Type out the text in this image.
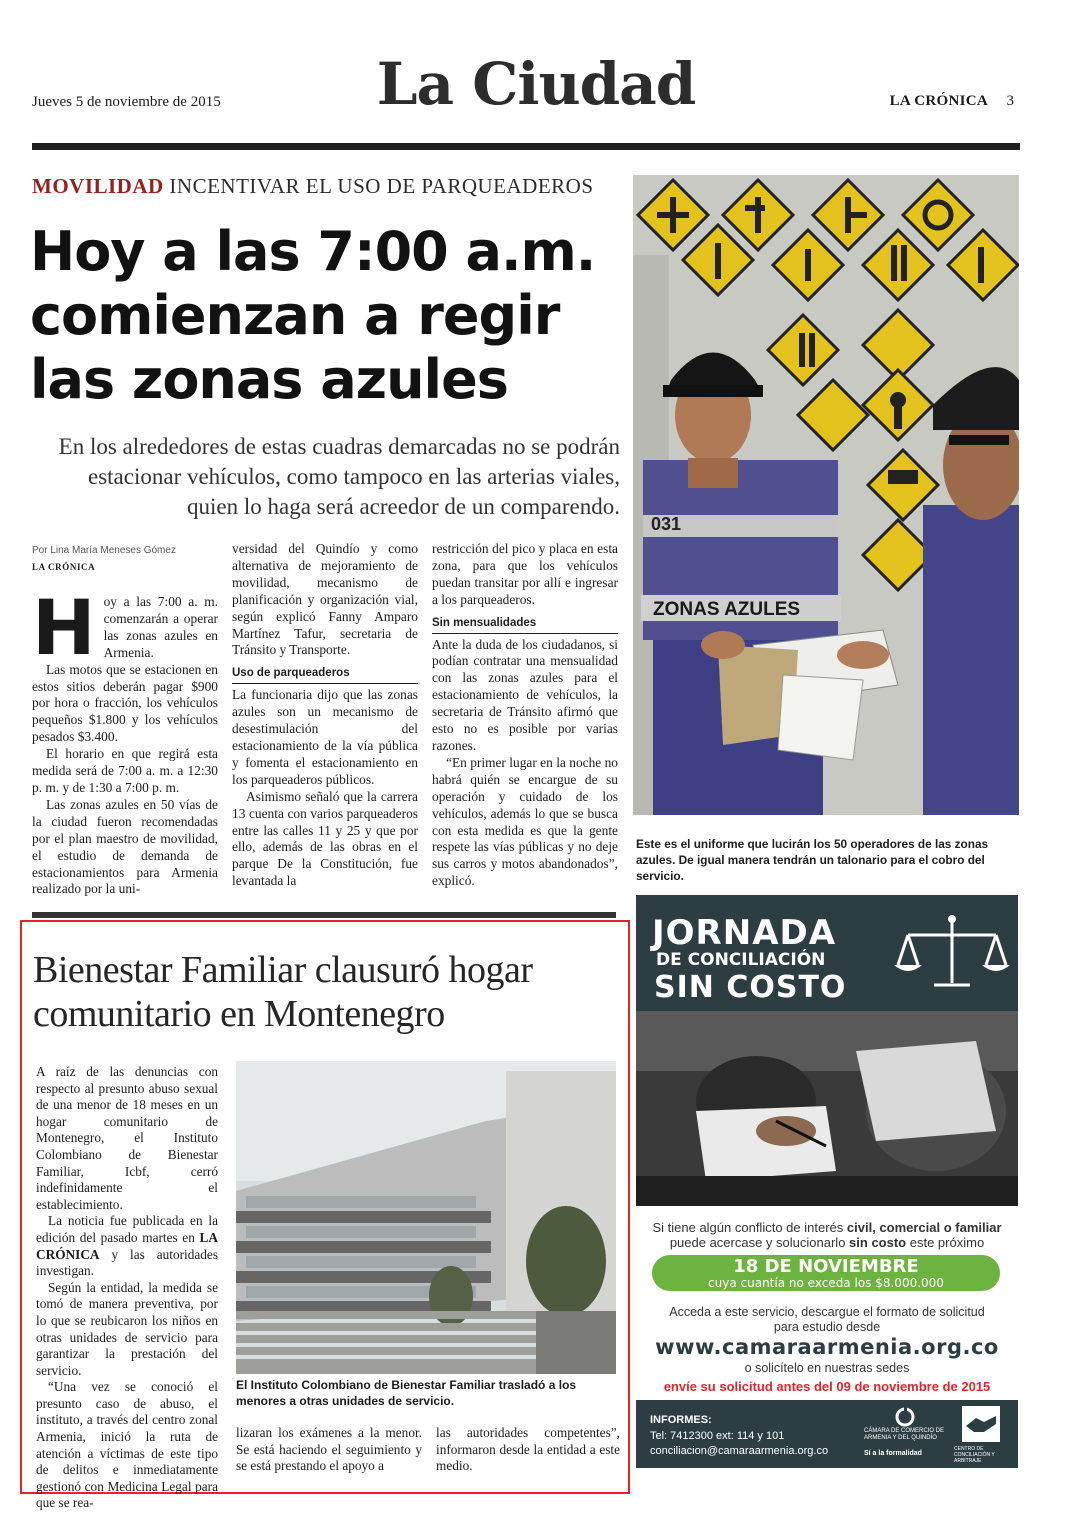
Jueves 5 de noviembre de 2015	La Ciudad	LA CRÓNICA 3
MOVILIDAD INCENTIVAR EL USO DE PARQUEADEROS
Hoy a las 7:00 a.m. comienzan a regir las zonas azules
En los alrededores de estas cuadras demarcadas no se podrán estacionar vehículos, como tampoco en las arterias viales, quien lo haga será acreedor de un comparendo.
Por Lina María Meneses Gómez
LA CRÓNICA
H oy a las 7:00 a. m. comenzarán a operar las zonas azules en Armenia.

Las motos que se estacionen en estos sitios deberán pagar $900 por hora o fracción, los vehículos pequeños $1.800 y los vehículos pesados $3.400.

El horario en que regirá esta medida será de 7:00 a. m. a 12:30 p. m. y de 1:30 a 7:00 p. m.

Las zonas azules en 50 vías de la ciudad fueron recomendadas por el plan maestro de movilidad, el estudio de demanda de estacionamientos para Armenia realizado por la uni-

versidad del Quindío y como alternativa de mejoramiento de movilidad, mecanismo de planificación y organización vial, según explicó Fanny Amparo Martínez Tafur, secretaria de Tránsito y Transporte.

Uso de parqueaderos

La funcionaria dijo que las zonas azules son un mecanismo de desestimulación del estacionamiento de la vía pública y fomenta el estacionamiento en los parqueaderos públicos.

Asimismo señaló que la carrera 13 cuenta con varios parqueaderos entre las calles 11 y 25 y que por ello, además de las obras en el parque De la Constitución, fue levantada la

restricción del pico y placa en esta zona, para que los vehículos puedan transitar por allí e ingresar a los parqueaderos.

Sin mensualidades

Ante la duda de los ciudadanos, si podían contratar una mensualidad con las zonas azules para el estacionamiento de vehículos, la secretaria de Tránsito afirmó que esto no es posible por varias razones.

“En primer lugar en la noche no habrá quién se encargue de su operación y cuidado de los vehículos, además lo que se busca con esta medida es que la gente respete las vías públicas y no deje sus carros y motos abandonados”, explicó.

031
ZONAS AZULES
Este es el uniforme que lucirán los 50 operadores de las zonas azules. De igual manera tendrán un talonario para el cobro del servicio.
Bienestar Familiar clausuró hogar comunitario en Montenegro

A raíz de las denuncias con respecto al presunto abuso sexual de una menor de 18 meses en un hogar comunitario de Montenegro, el Instituto Colombiano de Bienestar Familiar, Icbf, cerró indefinidamente el establecimiento.

La noticia fue publicada en la edición del pasado martes en LA CRÓNICA y las autoridades investigan.

Según la entidad, la medida se tomó de manera preventiva, por lo que se reubicaron los niños en otras unidades de servicio para garantizar la prestación del servicio.

“Una vez se conoció el presunto caso de abuso, el instituto, a través del centro zonal Armenia, inició la ruta de atención a víctimas de este tipo de delitos e inmediatamente gestionó con Medicina Legal para que se rea-

El Instituto Colombiano de Bienestar Familiar trasladó a los menores a otras unidades de servicio.

lizaran los exámenes a la menor. Se está haciendo el seguimiento y se está prestando el apoyo a

las autoridades competentes”, informaron desde la entidad a este medio.

JORNADA
DE CONCILIACIÓN
SIN COSTO
Si tiene algún conflicto de interés civil, comercial o familiar
puede acercase y solucionarlo sin costo este próximo
18 DE NOVIEMBRE
cuya cuantía no exceda los $8.000.000
Acceda a este servicio, descargue el formato de solicitud
para estudio desde
www.camaraarmenia.org.co
o solicítelo en nuestras sedes
envíe su solicitud antes del 09 de noviembre de 2015
INFORMES:
Tel: 7412300 ext: 114 y 101
conciliacion@camaraarmenia.org.co
CÁMARA DE COMERCIO DE ARMENIA Y DEL QUINDÍO
Sí a la formalidad
CENTRO DE CONCILIACIÓN Y ARBITRAJE
